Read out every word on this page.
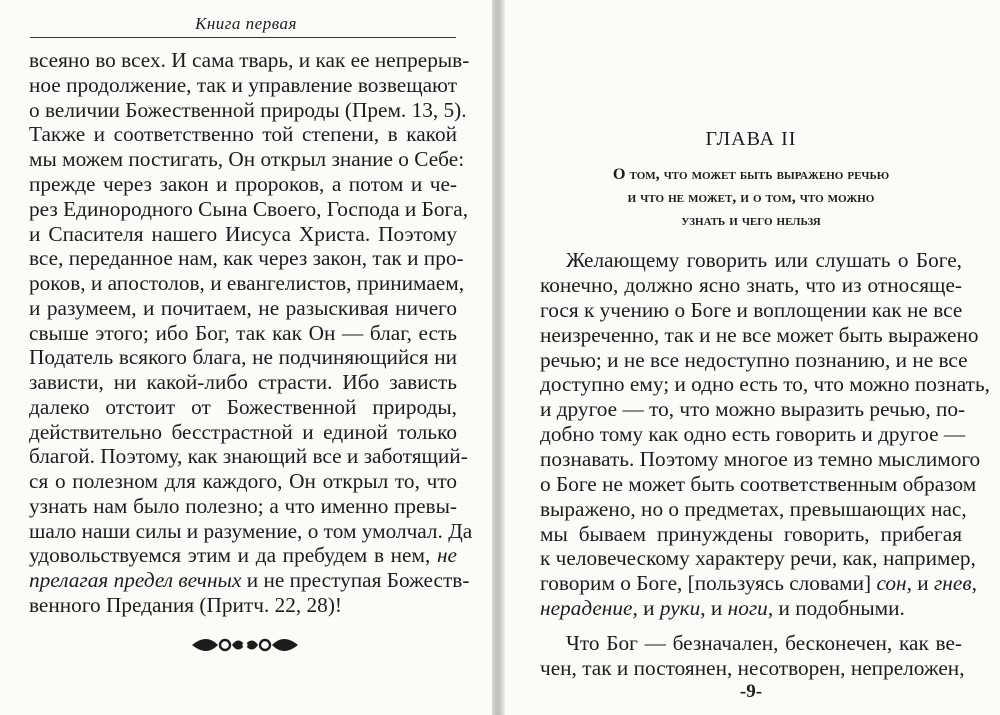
Книга первая
всеяно во всех. И сама тварь, и как ее непрерыв-
ное продолжение, так и управление возвещают
о величии Божественной природы (Прем. 13, 5).
Также и соответственно той степени, в какой
мы можем постигать, Он открыл знание о Себе:
прежде через закон и пророков, а потом и че-
рез Единородного Сына Своего, Господа и Бога,
и Спасителя нашего Иисуса Христа. Поэтому
все, переданное нам, как через закон, так и про-
роков, и апостолов, и евангелистов, принимаем,
и разумеем, и почитаем, не разыскивая ничего
свыше этого; ибо Бог, так как Он — благ, есть
Податель всякого блага, не подчиняющийся ни
зависти, ни какой-либо страсти. Ибо зависть
далеко отстоит от Божественной природы,
действительно бесстрастной и единой только
благой. Поэтому, как знающий все и заботящий-
ся о полезном для каждого, Он открыл то, что
узнать нам было полезно; а что именно превы-
шало наши силы и разумение, о том умолчал. Да
удовольствуемся этим и да пребудем в нем, не
прелагая предел вечных и не преступая Божеств-
венного Предания (Притч. 22, 28)!
ГЛАВА II
О том, что может быть выражено речью
и что не может, и о том, что можно
узнать и чего нельзя
Желающему говорить или слушать о Боге,
конечно, должно ясно знать, что из относяще-
гося к учению о Боге и воплощении как не все
неизреченно, так и не все может быть выражено
речью; и не все недоступно познанию, и не все
доступно ему; и одно есть то, что можно познать,
и другое — то, что можно выразить речью, по-
добно тому как одно есть говорить и другое —
познавать. Поэтому многое из темно мыслимого
о Боге не может быть соответственным образом
выражено, но о предметах, превышающих нас,
мы бываем принуждены говорить, прибегая
к человеческому характеру речи, как, например,
говорим о Боге, [пользуясь словами] сон, и гнев,
нерадение, и руки, и ноги, и подобными.
Что Бог — безначален, бесконечен, как ве-
чен, так и постоянен, несотворен, непреложен,
-9-
